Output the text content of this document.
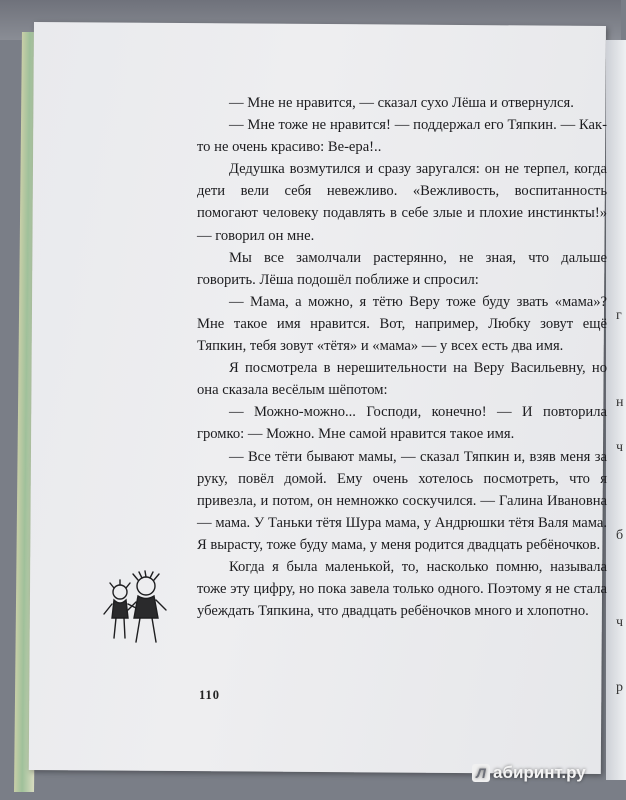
г
н
ч
б
ч
р

— Мне не нравится, — сказал сухо Лёша и отвернулся.

— Мне тоже не нравится! — поддержал его Тяпкин. — Как-то не очень красиво: Ве-ера!..

Дедушка возмутился и сразу заругался: он не терпел, когда дети вели себя невежливо. «Вежливость, воспитанность помогают человеку подавлять в себе злые и плохие инстинкты!» — говорил он мне.

Мы все замолчали растерянно, не зная, что дальше говорить. Лёша подошёл поближе и спросил:

— Мама, а можно, я тётю Веру тоже буду звать «мама»? Мне такое имя нравится. Вот, например, Любку зовут ещё Тяпкин, тебя зовут «тётя» и «мама» — у всех есть два имя.

Я посмотрела в нерешительности на Веру Васильевну, но она сказала весёлым шёпотом:

— Можно-можно... Господи, конечно! — И повторила громко: — Можно. Мне самой нравится такое имя.

— Все тёти бывают мамы, — сказал Тяпкин и, взяв меня за руку, повёл домой. Ему очень хотелось посмотреть, что я привезла, и потом, он немножко соскучился. — Галина Ивановна — мама. У Таньки тётя Шура мама, у Андрюшки тётя Валя мама. Я вырасту, тоже буду мама, у меня родится двадцать ребёночков.

Когда я была маленькой, то, насколько помню, называла тоже эту цифру, но пока завела только одного. Поэтому я не стала убеждать Тяпкина, что двадцать ребёночков много и хлопотно.

110
Л абиринт.ру
